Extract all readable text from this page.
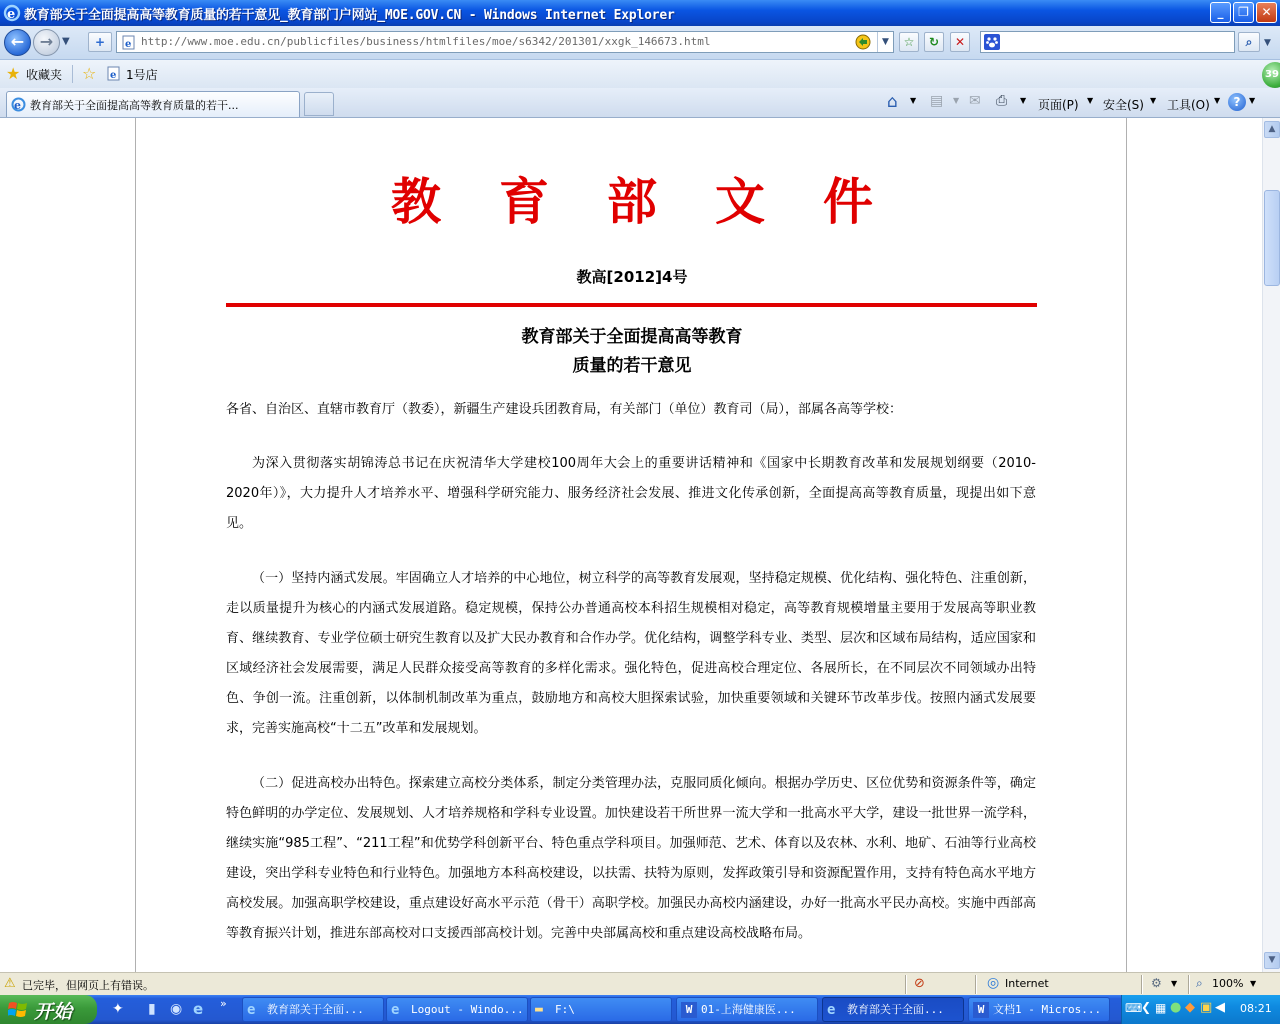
e 教育部关于全面提高高等教育质量的若干意见_教育部门户网站_MOE.GOV.CN - Windows Internet Explorer	_	❐	✕
← → ▼	+	e http://www.moe.edu.cn/publicfiles/business/htmlfiles/moe/s6342/201301/xxgk_146673.html	▼	☆	↻	✕	⌕	▼
★ 收藏夹 ☆ e 1号店	39
e 教育部关于全面提高高等教育质量的若干...	⌂ ▼ ▤ ▼ ✉ ⎙ ▼ 页面(P) ▼ 安全(S) ▼ 工具(O) ▼	?	▼
教育部文件
教高[2012]4号
教育部关于全面提高高等教育
质量的若干意见
各省、自治区、直辖市教育厅（教委），新疆生产建设兵团教育局，有关部门（单位）教育司（局），部属各高等学校：
为深入贯彻落实胡锦涛总书记在庆祝清华大学建校100周年大会上的重要讲话精神和《国家中长期教育改革和发展规划纲要（2010-2020年）》，大力提升人才培养水平、增强科学研究能力、服务经济社会发展、推进文化传承创新，全面提高高等教育质量，现提出如下意见。
（一）坚持内涵式发展。牢固确立人才培养的中心地位，树立科学的高等教育发展观，坚持稳定规模、优化结构、强化特色、注重创新，走以质量提升为核心的内涵式发展道路。稳定规模，保持公办普通高校本科招生规模相对稳定，高等教育规模增量主要用于发展高等职业教育、继续教育、专业学位硕士研究生教育以及扩大民办教育和合作办学。优化结构，调整学科专业、类型、层次和区域布局结构，适应国家和区域经济社会发展需要，满足人民群众接受高等教育的多样化需求。强化特色，促进高校合理定位、各展所长，在不同层次不同领域办出特色、争创一流。注重创新，以体制机制改革为重点，鼓励地方和高校大胆探索试验，加快重要领域和关键环节改革步伐。按照内涵式发展要求，完善实施高校“十二五”改革和发展规划。
（二）促进高校办出特色。探索建立高校分类体系，制定分类管理办法，克服同质化倾向。根据办学历史、区位优势和资源条件等，确定特色鲜明的办学定位、发展规划、人才培养规格和学科专业设置。加快建设若干所世界一流大学和一批高水平大学，建设一批世界一流学科，继续实施“985工程”、“211工程”和优势学科创新平台、特色重点学科项目。加强师范、艺术、体育以及农林、水利、地矿、石油等行业高校建设，突出学科专业特色和行业特色。加强地方本科高校建设，以扶需、扶特为原则，发挥政策引导和资源配置作用，支持有特色高水平地方高校发展。加强高职学校建设，重点建设好高水平示范（骨干）高职学校。加强民办高校内涵建设，办好一批高水平民办高校。实施中西部高等教育振兴计划，推进东部高校对口支援西部高校计划。完善中央部属高校和重点建设高校战略布局。
▲
▼
⚠ 已完毕，但网页上有错误。	⊘	◎ Internet	⚙ ▼ ⌕ 100% ▼
开始	✦ ▮ ◉ e » e	教育部关于全面...	e	Logout - Windo... ▬	F:\	W 01-上海健康医...	e	教育部关于全面...	W 文档1 - Micros...	⌨
❮ ▦ ● ◆ ▣ ◀ 08:21
